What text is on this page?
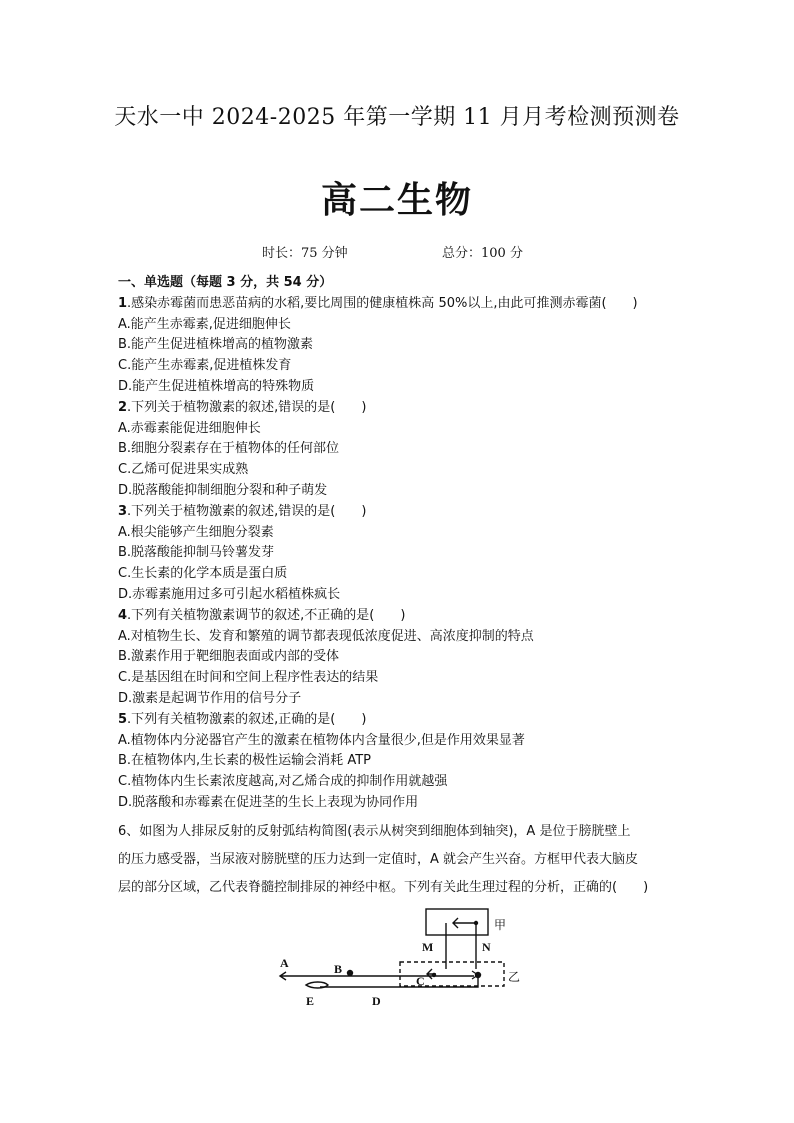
天水一中 2024-2025 年第一学期 11 月月考检测预测卷
高二生物
时长：75 分钟	总分：100 分
一、单选题（每题 3 分，共 54 分）
1.感染赤霉菌而患恶苗病的水稻,要比周围的健康植株高 50%以上,由此可推测赤霉菌(　　)
A.能产生赤霉素,促进细胞伸长
B.能产生促进植株增高的植物激素
C.能产生赤霉素,促进植株发育
D.能产生促进植株增高的特殊物质
2.下列关于植物激素的叙述,错误的是(　　)
A.赤霉素能促进细胞伸长
B.细胞分裂素存在于植物体的任何部位
C.乙烯可促进果实成熟
D.脱落酸能抑制细胞分裂和种子萌发
3.下列关于植物激素的叙述,错误的是(　　)
A.根尖能够产生细胞分裂素
B.脱落酸能抑制马铃薯发芽
C.生长素的化学本质是蛋白质
D.赤霉素施用过多可引起水稻植株疯长
4.下列有关植物激素调节的叙述,不正确的是(　　)
A.对植物生长、发育和繁殖的调节都表现低浓度促进、高浓度抑制的特点
B.激素作用于靶细胞表面或内部的受体
C.是基因组在时间和空间上程序性表达的结果
D.激素是起调节作用的信号分子
5.下列有关植物激素的叙述,正确的是(　　)
A.植物体内分泌器官产生的激素在植物体内含量很少,但是作用效果显著
B.在植物体内,生长素的极性运输会消耗 ATP
C.植物体内生长素浓度越高,对乙烯合成的抑制作用就越强
D.脱落酸和赤霉素在促进茎的生长上表现为协同作用
6、如图为人排尿反射的反射弧结构简图(表示从树突到细胞体到轴突)，A 是位于膀胱壁上
的压力感受器，当尿液对膀胱壁的压力达到一定值时，A 就会产生兴奋。方框甲代表大脑皮
层的部分区域，乙代表脊髓控制排尿的神经中枢。下列有关此生理过程的分析，正确的(　　)
A	B
C
D
E
M	N
甲
乙
